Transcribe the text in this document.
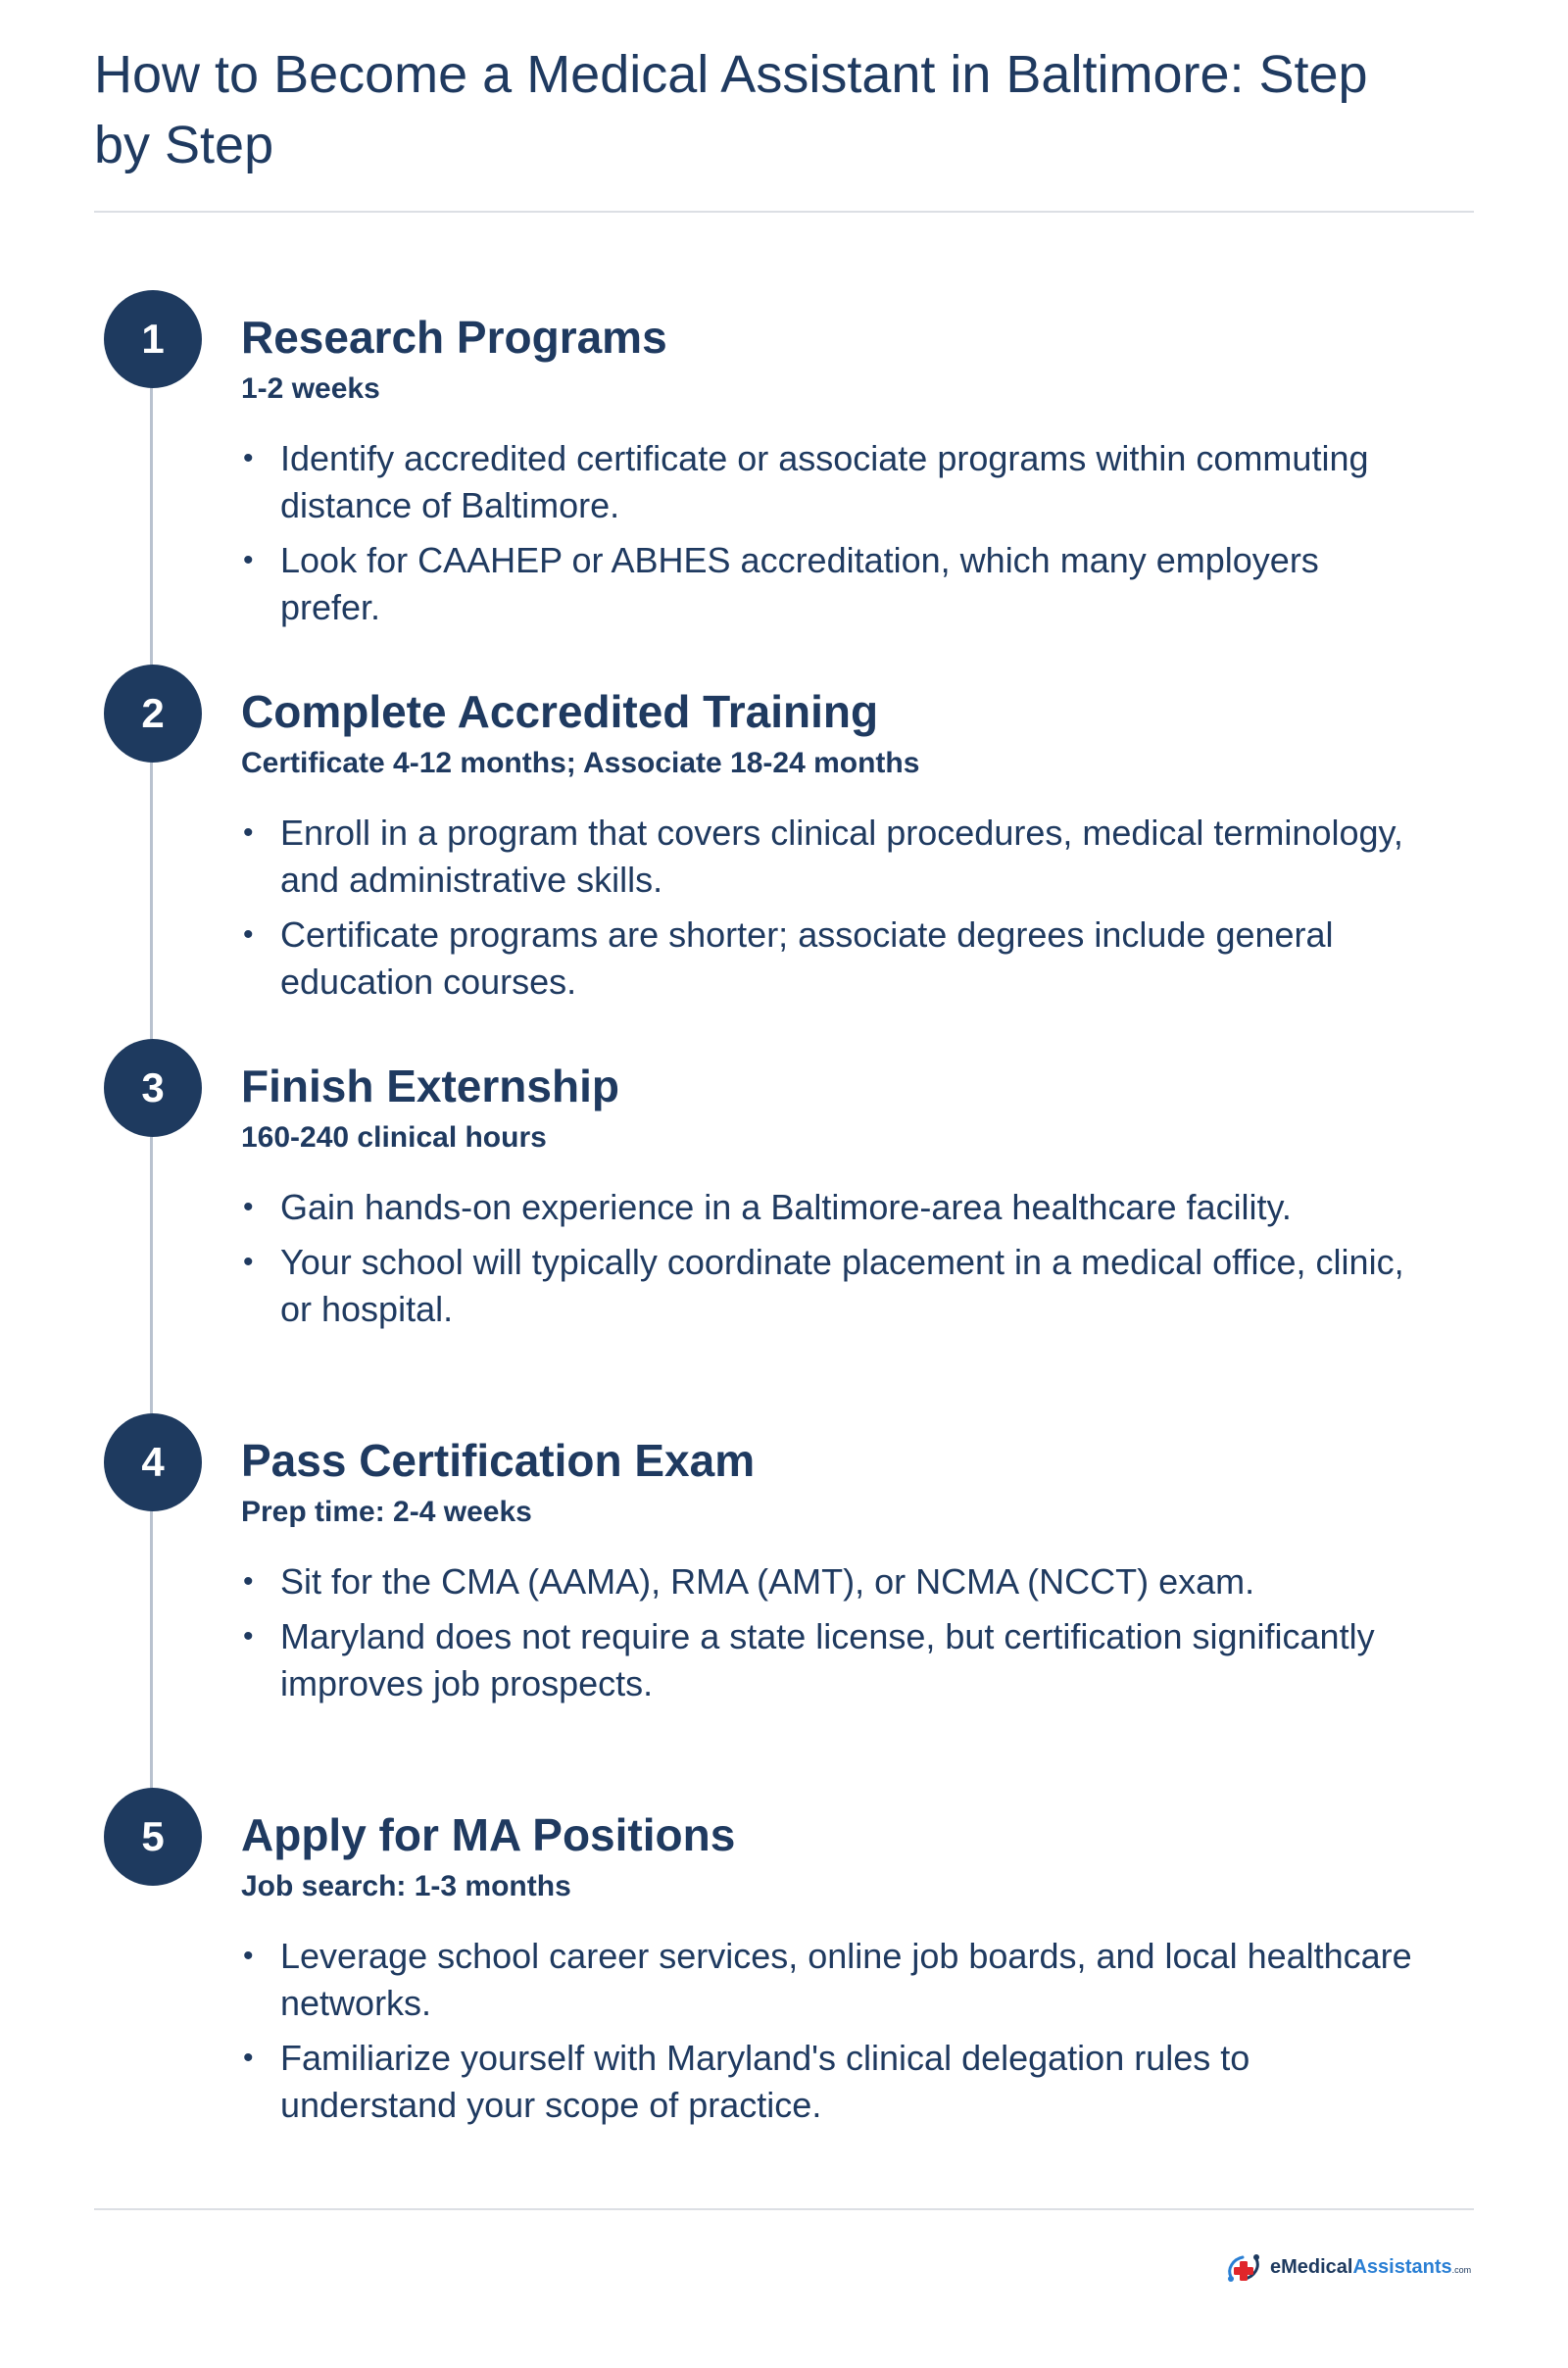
How to Become a Medical Assistant in Baltimore: Step by Step
1	Research Programs
1-2 weeks
• Identify accredited certificate or associate programs within commuting distance of Baltimore.
• Look for CAAHEP or ABHES accreditation, which many employers prefer.
2	Complete Accredited Training
Certificate 4-12 months; Associate 18-24 months
• Enroll in a program that covers clinical procedures, medical terminology, and administrative skills.
• Certificate programs are shorter; associate degrees include general education courses.
3	Finish Externship
160-240 clinical hours
• Gain hands-on experience in a Baltimore-area healthcare facility.
• Your school will typically coordinate placement in a medical office, clinic, or hospital.
4	Pass Certification Exam
Prep time: 2-4 weeks
• Sit for the CMA (AAMA), RMA (AMT), or NCMA (NCCT) exam.
• Maryland does not require a state license, but certification significantly improves job prospects.
5	Apply for MA Positions
Job search: 1-3 months
• Leverage school career services, online job boards, and local healthcare networks.
• Familiarize yourself with Maryland's clinical delegation rules to understand your scope of practice.
eMedicalAssistants.com
